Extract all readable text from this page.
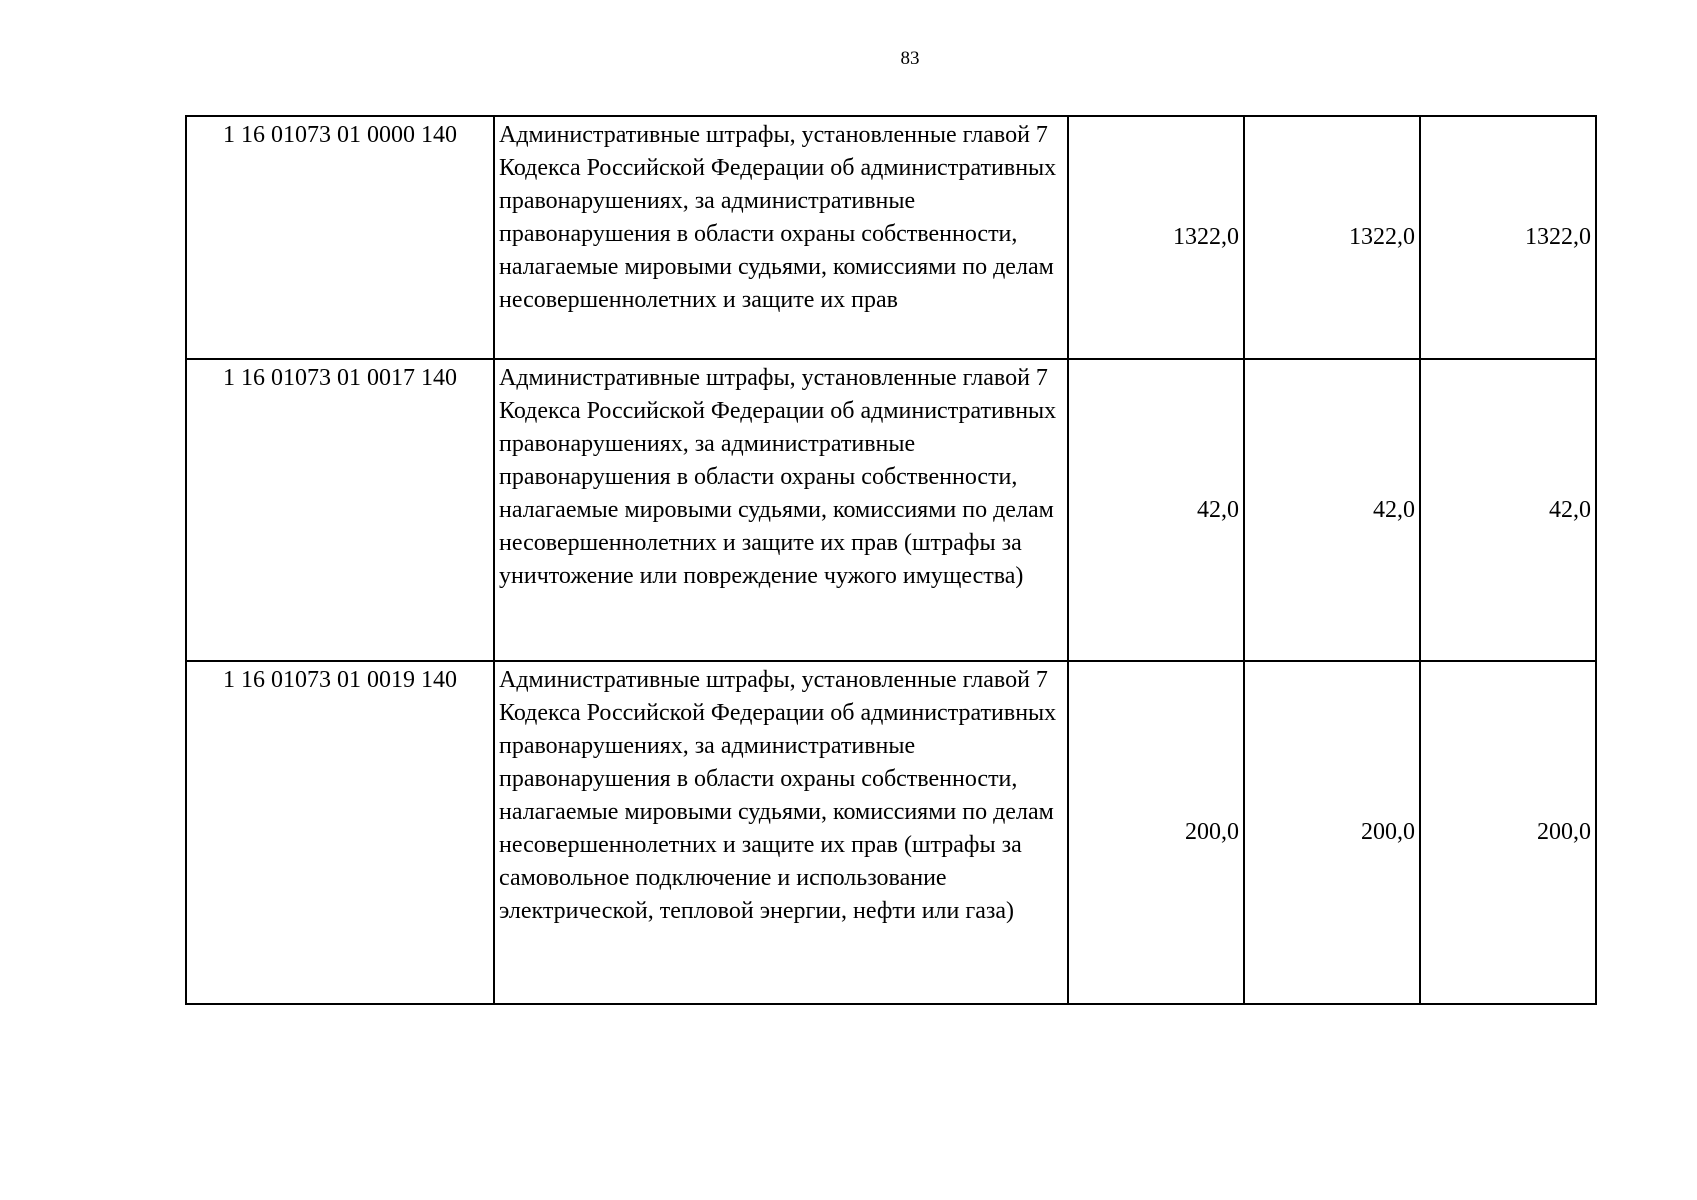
83
1 16 01073 01 0000 140	Административные штрафы, установленные главой 7 Кодекса Российской Федерации об административных правонарушениях, за административные правонарушения в области охраны собственности, налагаемые мировыми судьями, комиссиями по делам несовершеннолетних и защите их прав	1322,0	1322,0	1322,0
1 16 01073 01 0017 140	Административные штрафы, установленные главой 7 Кодекса Российской Федерации об административных правонарушениях, за административные правонарушения в области охраны собственности, налагаемые мировыми судьями, комиссиями по делам несовершеннолетних и защите их прав (штрафы за уничтожение или повреждение чужого имущества)	42,0	42,0	42,0
1 16 01073 01 0019 140	Административные штрафы, установленные главой 7 Кодекса Российской Федерации об административных правонарушениях, за административные правонарушения в области охраны собственности, налагаемые мировыми судьями, комиссиями по делам несовершеннолетних и защите их прав (штрафы за самовольное подключение и использование электрической, тепловой энергии, нефти или газа)	200,0	200,0	200,0
